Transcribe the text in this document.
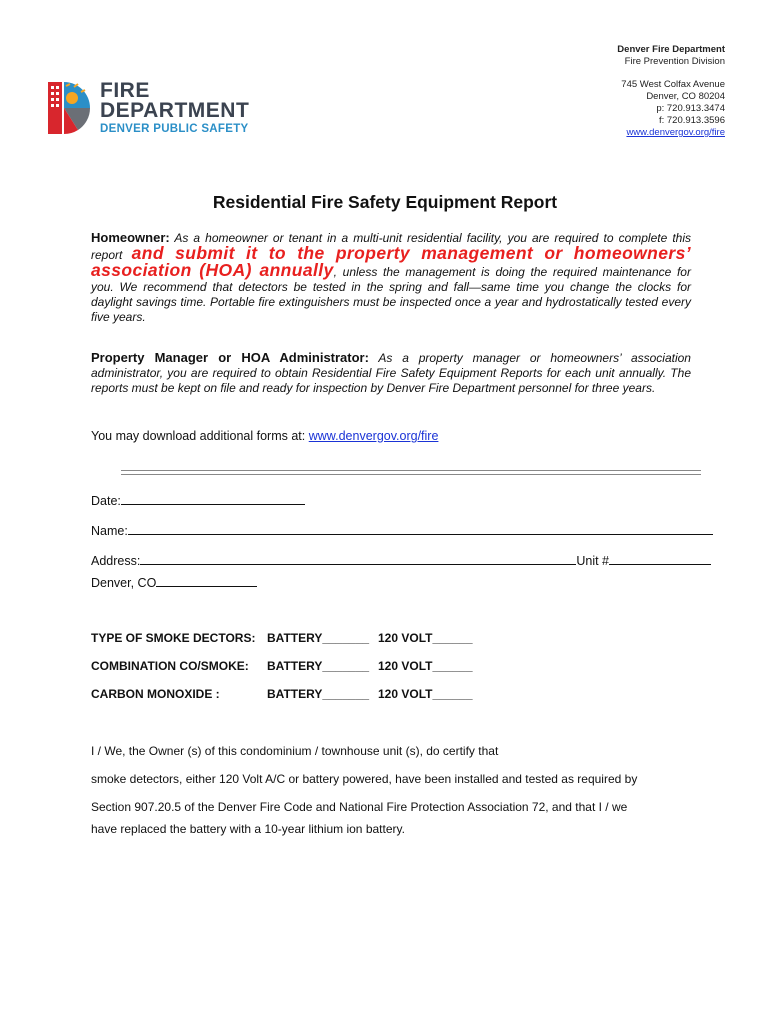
FIRE
DEPARTMENT
DENVER PUBLIC SAFETY
Denver Fire Department
Fire Prevention Division
745 West Colfax Avenue
Denver, CO 80204
p: 720.913.3474
f: 720.913.3596
www.denvergov.org/fire
Residential Fire Safety Equipment Report
Homeowner: As a homeowner or tenant in a multi-unit residential facility, you are required to complete this report and submit it to the property management or homeowners’ association (HOA) annually, unless the management is doing the required maintenance for you. We recommend that detectors be tested in the spring and fall—same time you change the clocks for daylight savings time. Portable fire extinguishers must be inspected once a year and hydrostatically tested every five years.
Property Manager or HOA Administrator: As a property manager or homeowners’ association administrator, you are required to obtain Residential Fire Safety Equipment Reports for each unit annually. The reports must be kept on file and ready for inspection by Denver Fire Department personnel for three years.
You may download additional forms at: www.denvergov.org/fire
Date:
Name:
Address:	Unit #
Denver, CO
TYPE OF SMOKE DECTORS: BATTERY_______ 120 VOLT______
COMBINATION CO/SMOKE: BATTERY_______ 120 VOLT______
CARBON MONOXIDE :	BATTERY_______ 120 VOLT______
I / We, the Owner (s) of this condominium / townhouse unit (s), do certify that
smoke detectors, either 120 Volt A/C or battery powered, have been installed and tested as required by
Section 907.20.5 of the Denver Fire Code and National Fire Protection Association 72, and that I / we
have replaced the battery with a 10-year lithium ion battery.
